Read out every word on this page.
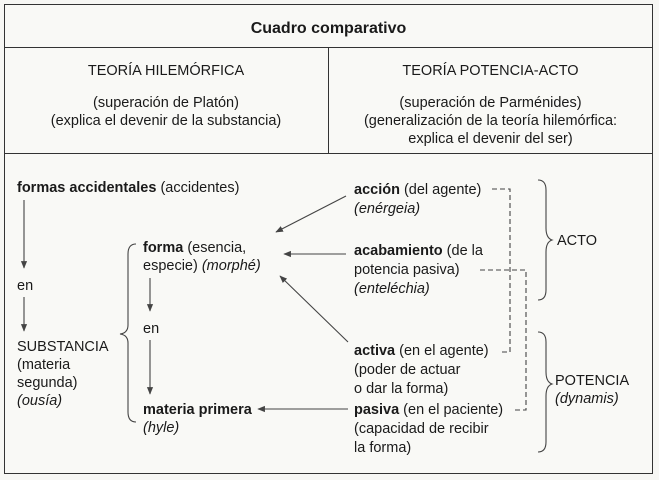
Cuadro comparativo
TEORÍA HILEMÓRFICA
(superación de Platón)
(explica el devenir de la substancia)
TEORÍA POTENCIA-ACTO
(superación de Parménides)
(generalización de la teoría hilemórfica:
explica el devenir del ser)
formas accidentales (accidentes)
en
SUBSTANCIA
(materia
segunda)
(ousía)
forma (esencia,
especie) (morphé)
en
materia primera
(hyle)
acción (del agente)
(enérgeia)
acabamiento (de la
potencia pasiva)
(enteléchia)
activa (en el agente)
(poder de actuar
o dar la forma)
pasiva (en el paciente)
(capacidad de recibir
la forma)
ACTO
POTENCIA
(dynamis)
